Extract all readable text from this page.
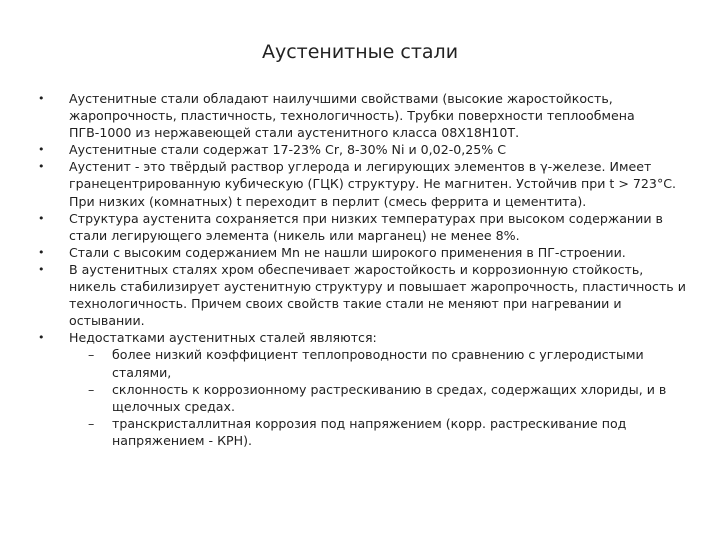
Аустенитные стали
•	Аустенитные стали обладают наилучшими свойствами (высокие жаростойкость, жаропрочность, пластичность, технологичность). Трубки поверхности теплообмена ПГВ-1000 из нержавеющей стали аустенитного класса 08Х18Н10Т.
•	Аустенитные стали содержат 17-23% Cr, 8-30% Ni и 0,02-0,25% C
•	Аустенит - это твёрдый раствор углерода и легирующих элементов в γ-железе. Имеет гранецентрированную кубическую (ГЦК) структуру. Не магнитен. Устойчив при t > 723°С. При низких (комнатных) t переходит в перлит (смесь феррита и цементита).
•	Структура аустенита сохраняется при низких температурах при высоком содержании в стали легирующего элемента (никель или марганец) не менее 8%.
•	Стали с высоким содержанием Mn не нашли широкого применения в ПГ-строении.
•	В аустенитных сталях хром обеспечивает жаростойкость и коррозионную стойкость, никель стабилизирует аустенитную структуру и повышает жаропрочность, пластичность и технологичность. Причем своих свойств такие стали не меняют при нагревании и остывании.
•	Недостатками аустенитных сталей являются:
– более низкий коэффициент теплопроводности по сравнению с углеродистыми сталями,
– склонность к коррозионному растрескиванию в средах, содержащих хлориды, и в щелочных средах.
– транскристаллитная коррозия под напряжением (корр. растрескивание под напряжением - КРН).
